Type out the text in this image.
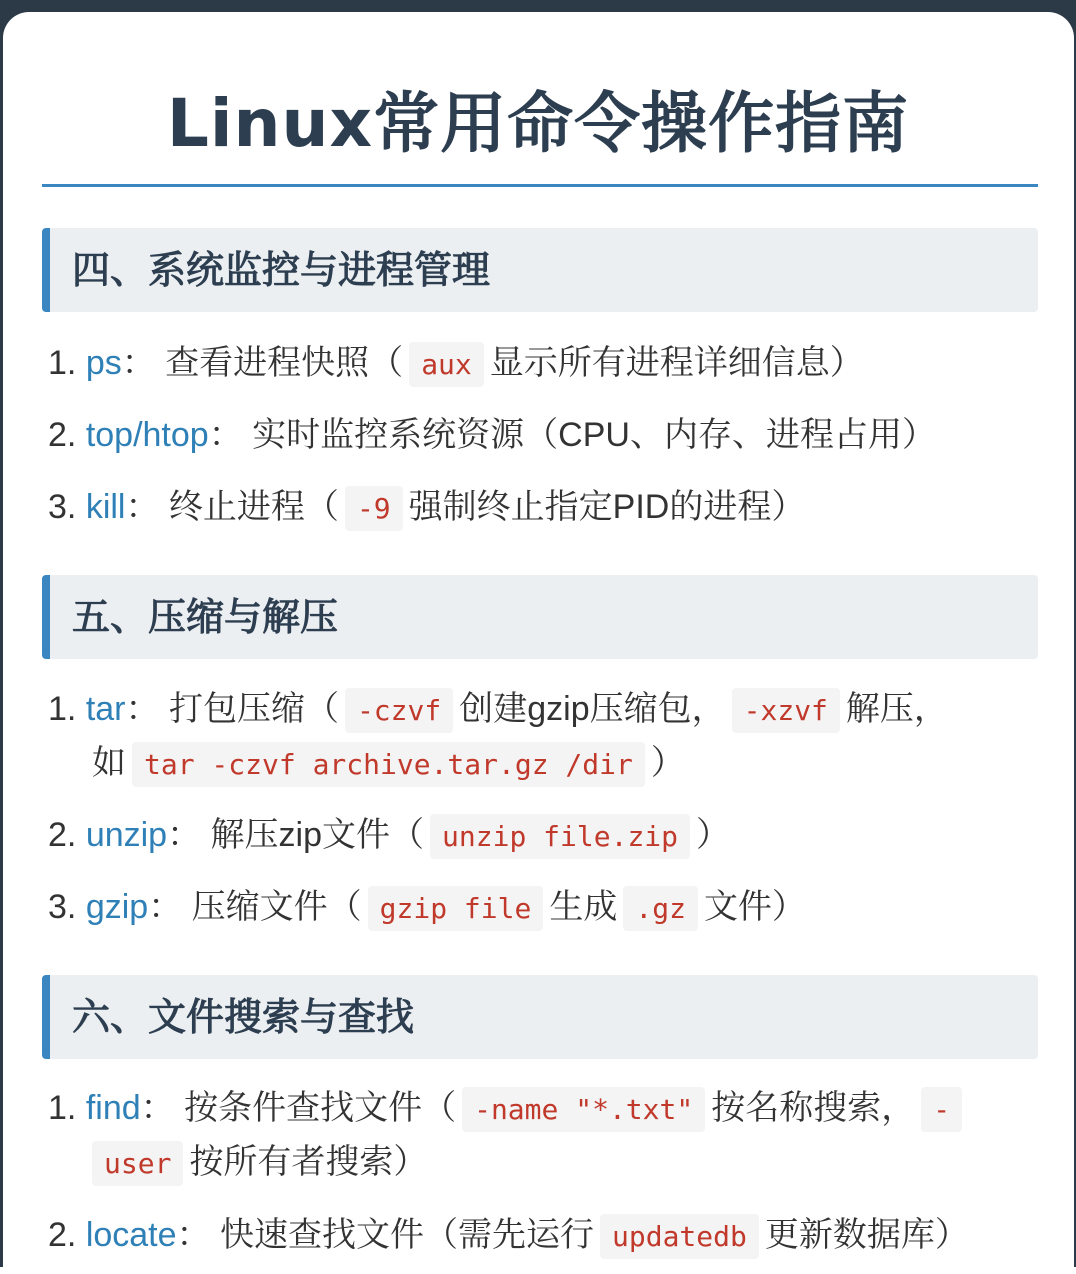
Linux常用命令操作指南
四、系统监控与进程管理
1. ps： 查看进程快照（ aux 显示所有进程详细信息）
2. top/htop： 实时监控系统资源（CPU、内存、进程占用）
3. kill： 终止进程（ -9 强制终止指定PID的进程）
五、压缩与解压
1. tar： 打包压缩（ -czvf 创建gzip压缩包， -xzvf 解压，
如 tar -czvf archive.tar.gz /dir ）
2. unzip： 解压zip文件（ unzip file.zip ）
3. gzip： 压缩文件（ gzip file 生成 .gz 文件）
六、文件搜索与查找
1. find： 按条件查找文件（ -name "*.txt" 按名称搜索， -
user 按所有者搜索）
2. locate： 快速查找文件（需先运行 updatedb 更新数据库）
